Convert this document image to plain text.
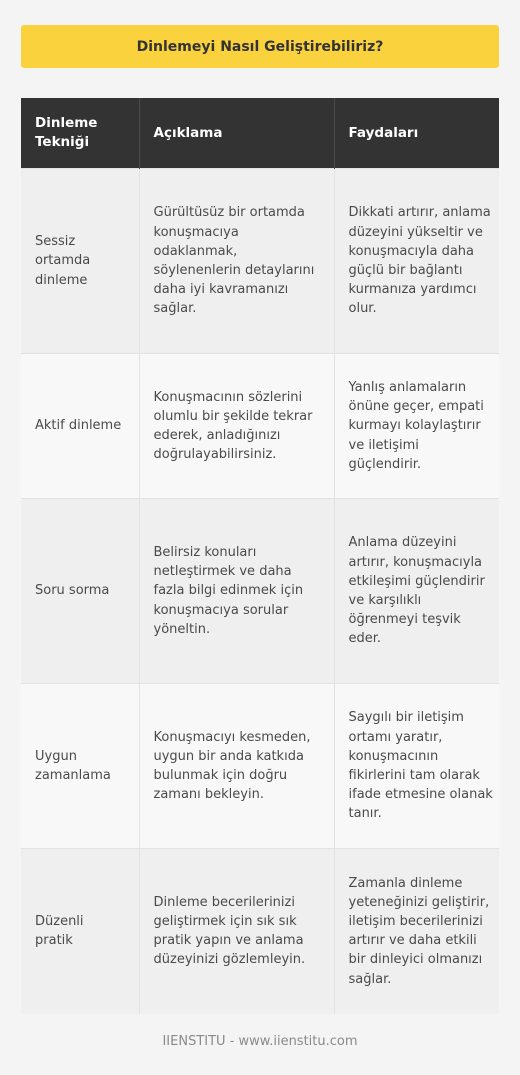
Dinlemeyi Nasıl Geliştirebiliriz?
Dinleme Tekniği	Açıklama	Faydaları
Sessiz ortamda dinleme	Gürültüsüz bir ortamda konuşmacıya odaklanmak, söylenenlerin detaylarını daha iyi kavramanızı sağlar.	Dikkati artırır, anlama düzeyini yükseltir ve konuşmacıyla daha güçlü bir bağlantı kurmanıza yardımcı olur.
Aktif dinleme	Konuşmacının sözlerini olumlu bir şekilde tekrar ederek, anladığınızı doğrulayabilirsiniz.	Yanlış anlamaların önüne geçer, empati kurmayı kolaylaştırır ve iletişimi güçlendirir.
Soru sorma	Belirsiz konuları netleştirmek ve daha fazla bilgi edinmek için konuşmacıya sorular yöneltin.	Anlama düzeyini artırır, konuşmacıyla etkileşimi güçlendirir ve karşılıklı öğrenmeyi teşvik eder.
Uygun zamanlama	Konuşmacıyı kesmeden, uygun bir anda katkıda bulunmak için doğru zamanı bekleyin.	Saygılı bir iletişim ortamı yaratır, konuşmacının fikirlerini tam olarak ifade etmesine olanak tanır.
Düzenli pratik	Dinleme becerilerinizi geliştirmek için sık sık pratik yapın ve anlama düzeyinizi gözlemleyin.	Zamanla dinleme yeteneğinizi geliştirir, iletişim becerilerinizi artırır ve daha etkili bir dinleyici olmanızı sağlar.
IIENSTITU - www.iienstitu.com
